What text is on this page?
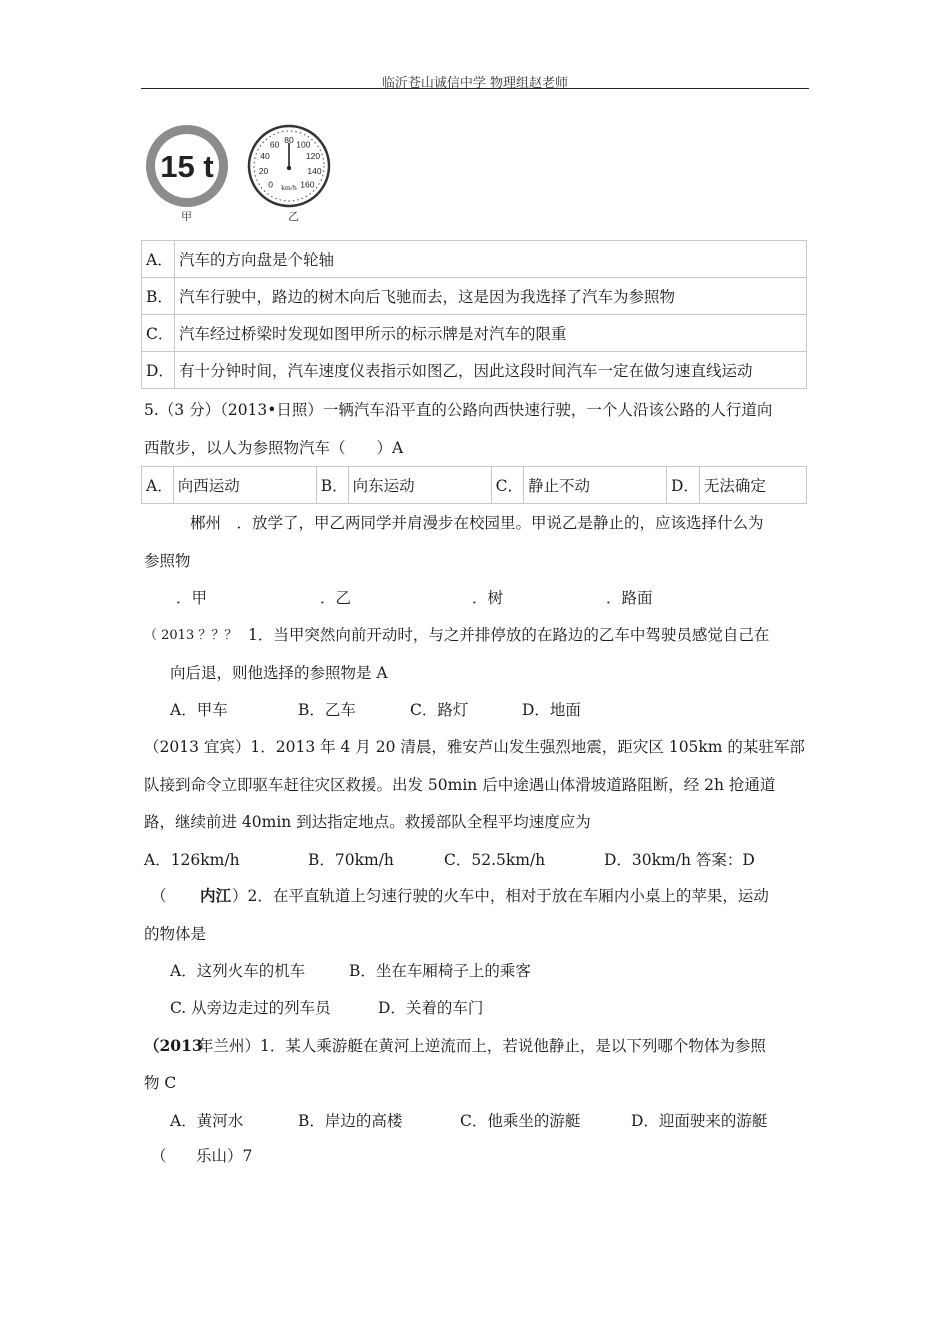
临沂苍山诚信中学 物理组赵老师
15 t
甲
0
20
40
60 80 100
120
140
160
km/h
乙
A．	汽车的方向盘是个轮轴
B．	汽车行驶中，路边的树木向后飞驰而去，这是因为我选择了汽车为参照物
C．	汽车经过桥梁时发现如图甲所示的标示牌是对汽车的限重
D．	有十分钟时间，汽车速度仪表指示如图乙，因此这段时间汽车一定在做匀速直线运动
5.（3 分）（2013•日照）一辆汽车沿平直的公路向西快速行驶，一个人沿该公路的人行道向
西散步，以人为参照物汽车（　　）A
A．	向西运动	B．	向东运动	C．	静止不动	D．	无法确定
郴州　．放学了，甲乙两同学并肩漫步在校园里。甲说乙是静止的，应该选择什么为
参照物
．甲	．乙	．树	．路面
（ 2013 ？？？ 1．当甲突然向前开动时，与之并排停放的在路边的乙车中驾驶员感觉自己在
向后退，则他选择的参照物是 A
A．甲车	B．乙车	C．路灯	D．地面
（2013 宜宾）1．2013 年 4 月 20 清晨，雅安芦山发生强烈地震，距灾区 105km 的某驻军部
队接到命令立即驱车赶往灾区救援。出发 50min 后中途遇山体滑坡道路阻断，经 2h 抢通道
路，继续前进 40min 到达指定地点。救援部队全程平均速度应为
A．126km/h	B．70km/h	C．52.5km/h	D．30km/h 答案：D
（ 内江 ）2．在平直轨道上匀速行驶的火车中，相对于放在车厢内小桌上的苹果，运动
的物体是
A．这列火车的机车	B．坐在车厢椅子上的乘客
C. 从旁边走过的列车员	D．关着的车门
（2013
年兰州）1．某人乘游艇在黄河上逆流而上，若说他静止，是以下列哪个物体为参照
物 C
A．黄河水	B．岸边的高楼	C．他乘坐的游艇	D．迎面驶来的游艇
（ 乐山）7
